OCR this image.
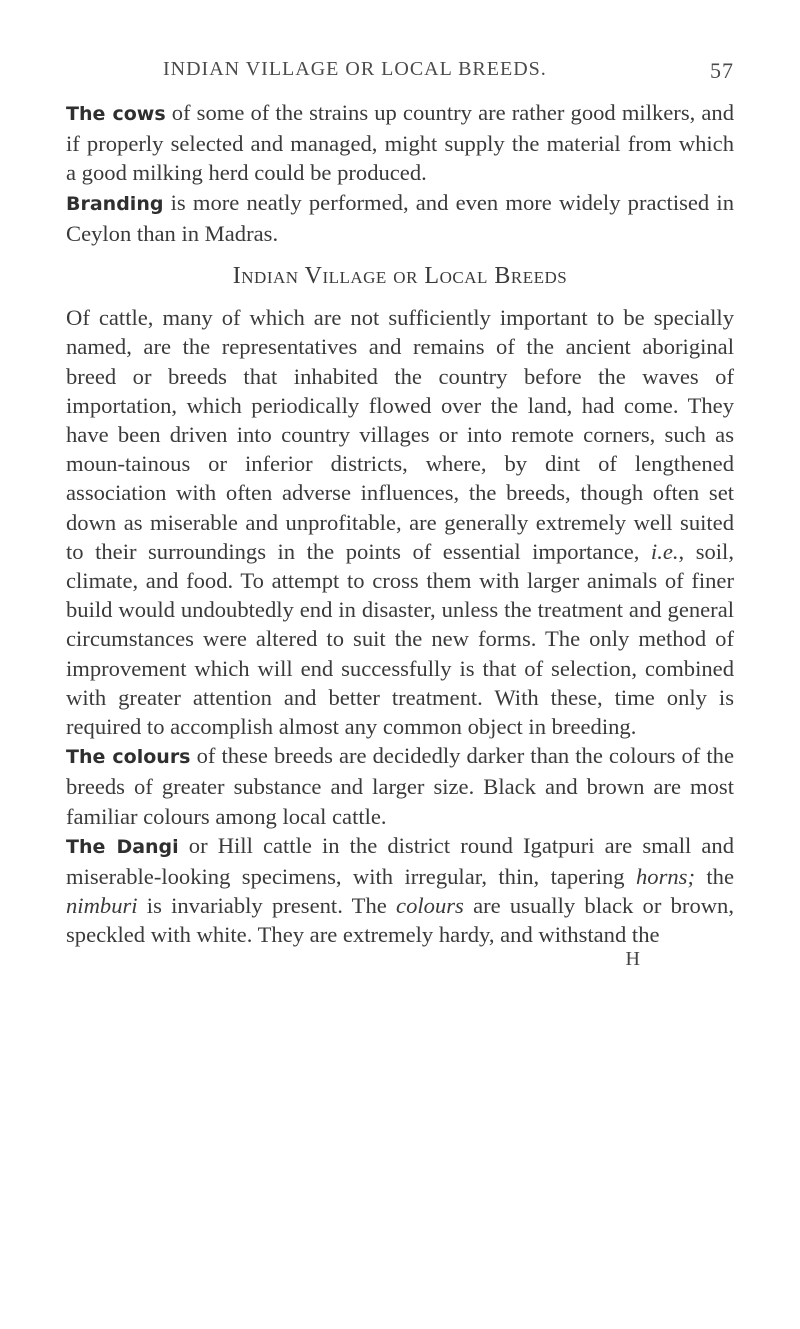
INDIAN VILLAGE OR LOCAL BREEDS.	57

The cows of some of the strains up country are rather good milkers, and if properly selected and managed, might supply the material from which a good milking herd could be produced.

Branding is more neatly performed, and even more widely practised in Ceylon than in Madras.

Indian Village or Local Breeds

Of cattle, many of which are not sufficiently important to be specially named, are the representatives and remains of the ancient aboriginal breed or breeds that inhabited the country before the waves of importation, which periodically flowed over the land, had come. They have been driven into country villages or into remote corners, such as moun-tainous or inferior districts, where, by dint of lengthened association with often adverse influences, the breeds, though often set down as miserable and unprofitable, are generally extremely well suited to their surroundings in the points of essential importance, i.e., soil, climate, and food. To attempt to cross them with larger animals of finer build would undoubtedly end in disaster, unless the treatment and general circumstances were altered to suit the new forms. The only method of improvement which will end successfully is that of selection, combined with greater attention and better treatment. With these, time only is required to accomplish almost any common object in breeding.

The colours of these breeds are decidedly darker than the colours of the breeds of greater substance and larger size. Black and brown are most familiar colours among local cattle.

The Dangi or Hill cattle in the district round Igatpuri are small and miserable-looking specimens, with irregular, thin, tapering horns; the nimburi is invariably present. The colours are usually black or brown, speckled with white. They are extremely hardy, and withstand the

H
